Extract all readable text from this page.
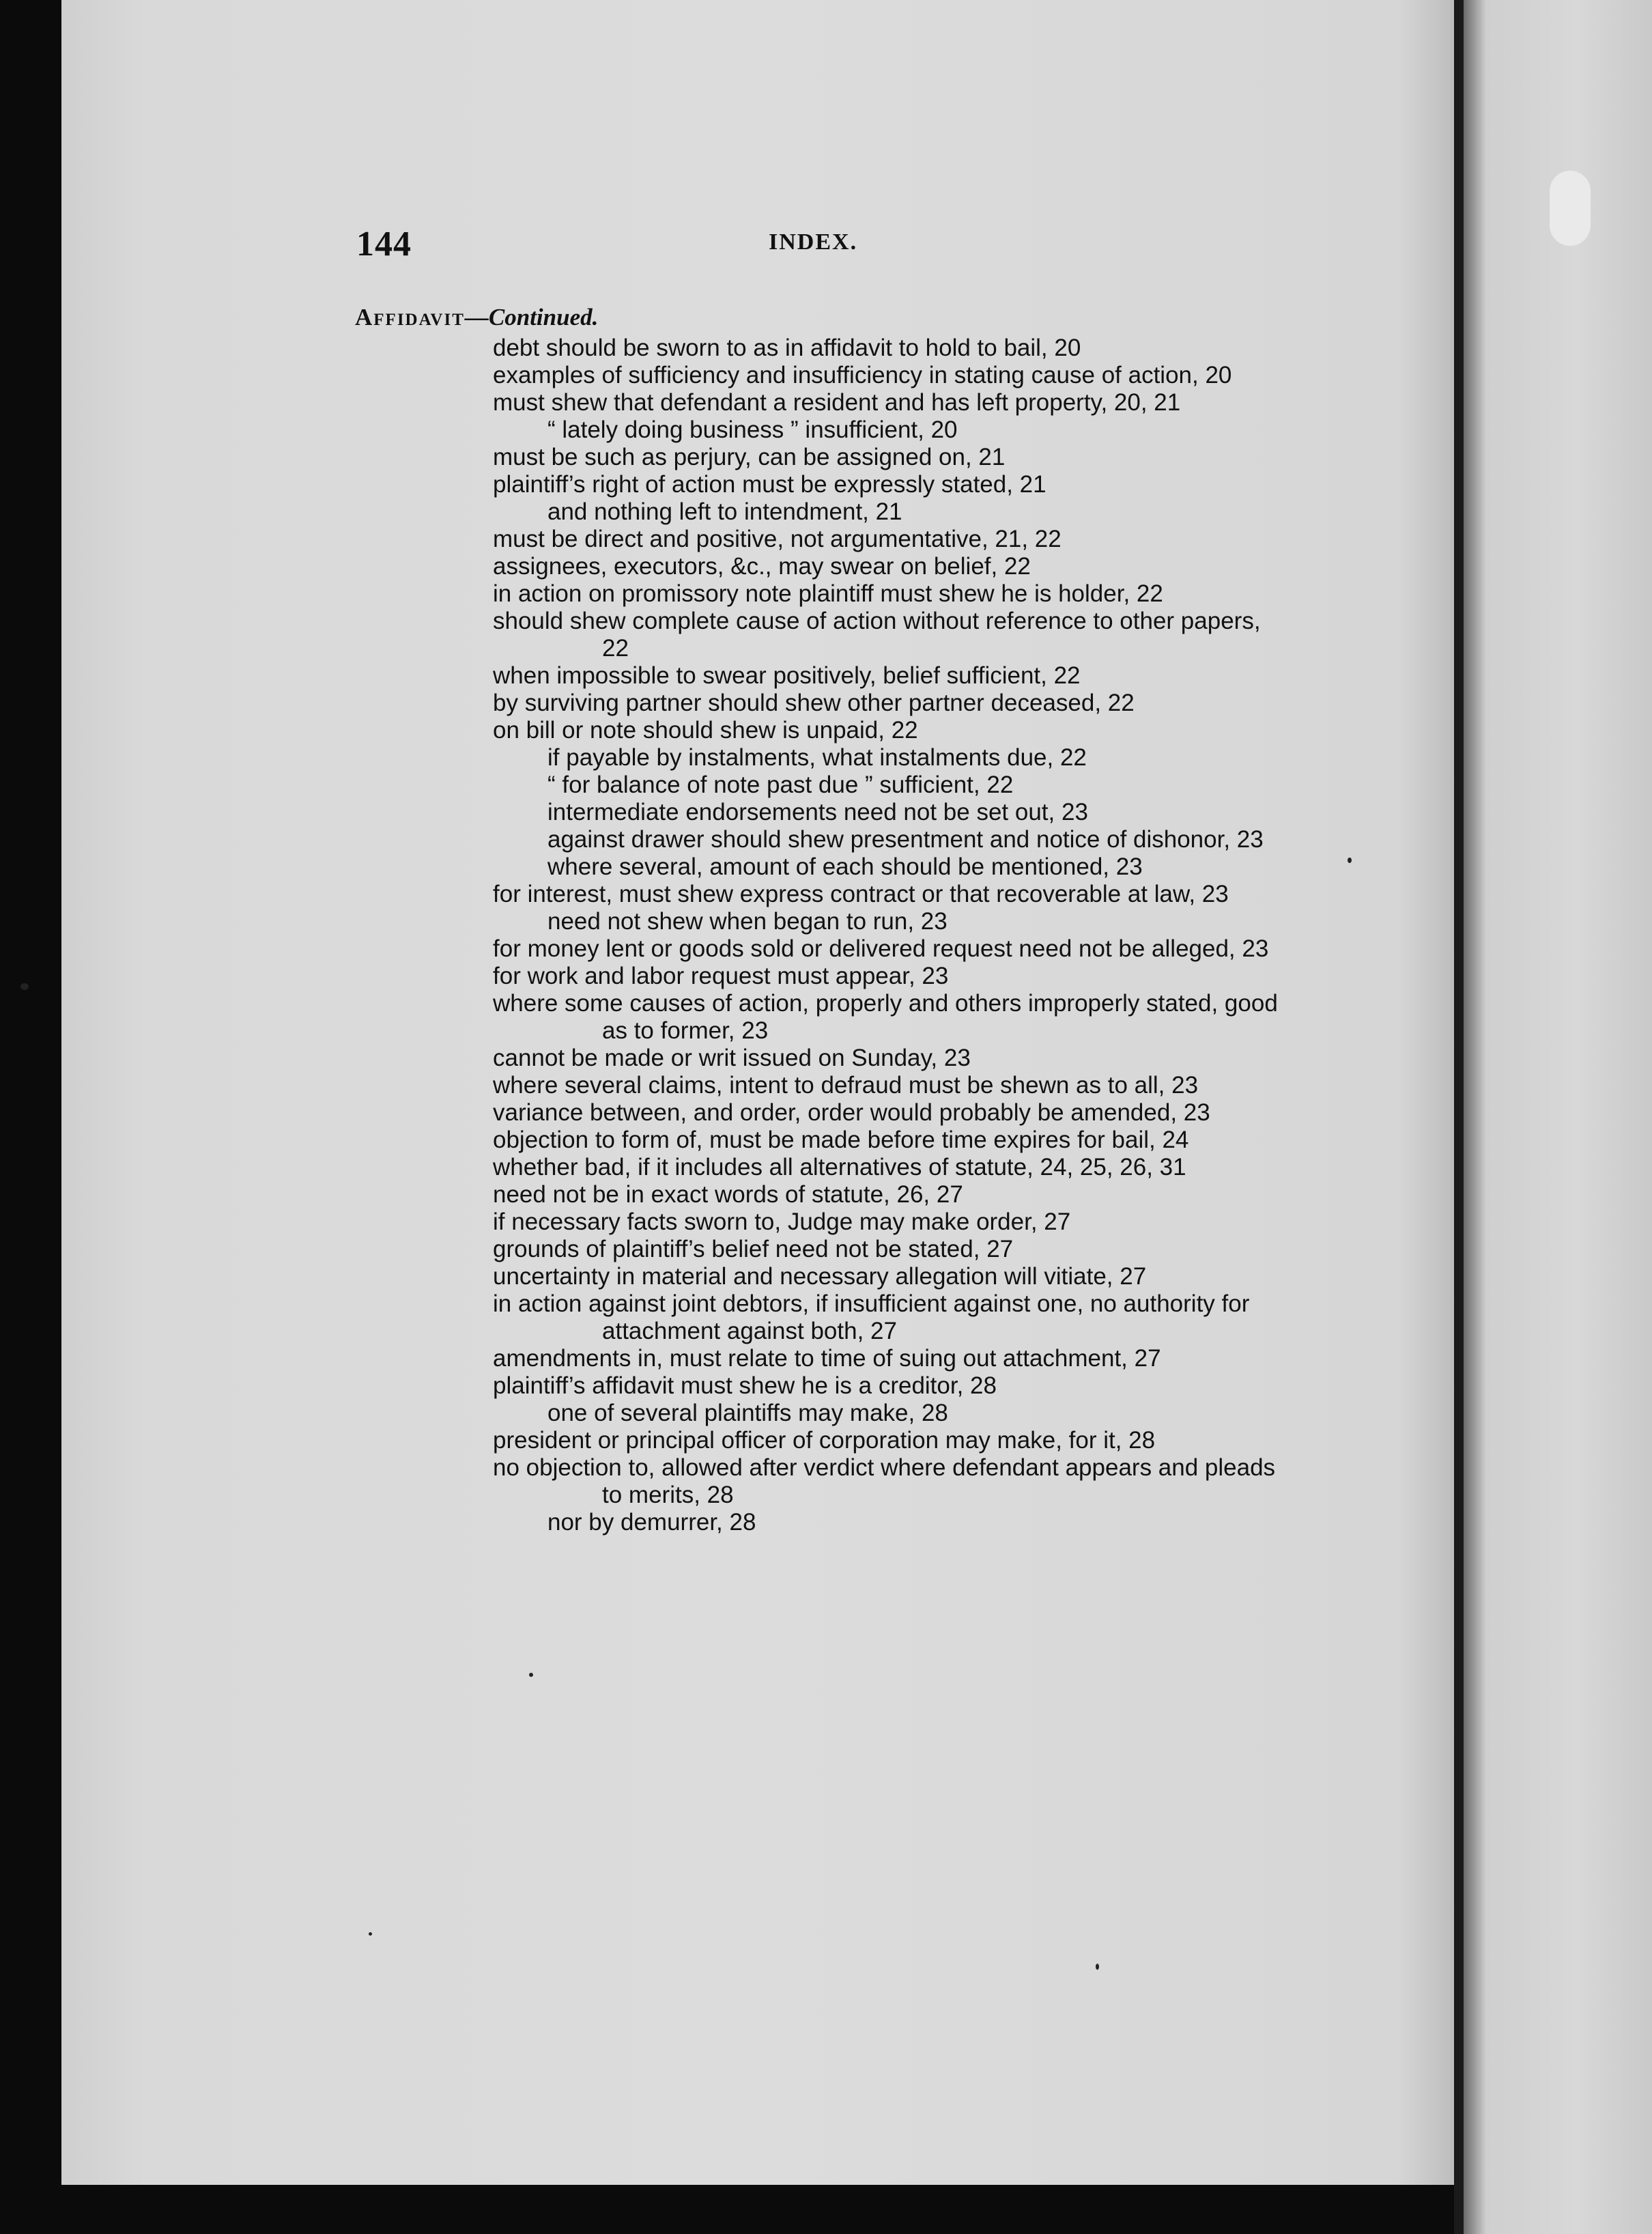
144	INDEX.
Affidavit—Continued.
debt should be sworn to as in affidavit to hold to bail, 20
examples of sufficiency and insufficiency in stating cause of action, 20
must shew that defendant a resident and has left property, 20, 21
“ lately doing business ” insufficient, 20
must be such as perjury, can be assigned on, 21
plaintiff’s right of action must be expressly stated, 21
and nothing left to intendment, 21
must be direct and positive, not argumentative, 21, 22
assignees, executors, &c., may swear on belief, 22
in action on promissory note plaintiff must shew he is holder, 22
should shew complete cause of action without reference to other papers, 22
when impossible to swear positively, belief sufficient, 22
by surviving partner should shew other partner deceased, 22
on bill or note should shew is unpaid, 22
if payable by instalments, what instalments due, 22
“ for balance of note past due ” sufficient, 22
intermediate endorsements need not be set out, 23
against drawer should shew presentment and notice of dishonor, 23
where several, amount of each should be mentioned, 23
for interest, must shew express contract or that recoverable at law, 23
need not shew when began to run, 23
for money lent or goods sold or delivered request need not be alleged, 23
for work and labor request must appear, 23
where some causes of action, properly and others improperly stated, good as to former, 23
cannot be made or writ issued on Sunday, 23
where several claims, intent to defraud must be shewn as to all, 23
variance between, and order, order would probably be amended, 23
objection to form of, must be made before time expires for bail, 24
whether bad, if it includes all alternatives of statute, 24, 25, 26, 31
need not be in exact words of statute, 26, 27
if necessary facts sworn to, Judge may make order, 27
grounds of plaintiff’s belief need not be stated, 27
uncertainty in material and necessary allegation will vitiate, 27
in action against joint debtors, if insufficient against one, no authority for attachment against both, 27
amendments in, must relate to time of suing out attachment, 27
plaintiff’s affidavit must shew he is a creditor, 28
one of several plaintiffs may make, 28
president or principal officer of corporation may make, for it, 28
no objection to, allowed after verdict where defendant appears and pleads to merits, 28
nor by demurrer, 28
